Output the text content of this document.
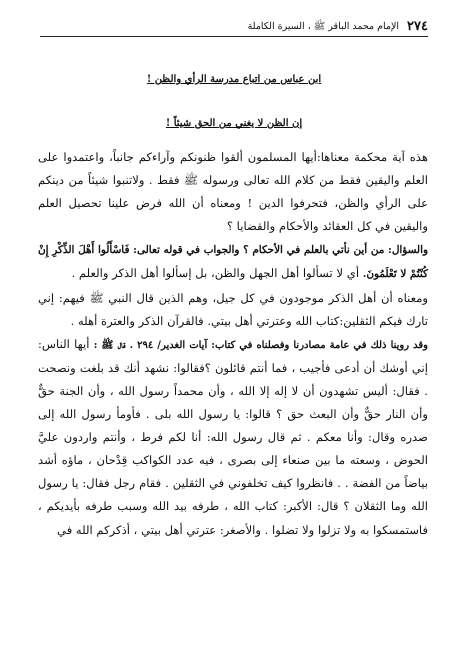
٢٧٤
الإمام محمد الباقر ﷺ ، السيرة الكاملة
ابن عباس من اتباع مدرسة الرأي والظن !
إن الظن لا يغني من الحق شيئاً !

هذه آية محكمة معناها:أيها المسلمون ألقوا ظنونكم وآراءكم جانباً، واعتمدوا على العلم واليقين فقط من كلام الله تعالى ورسوله ﷺ فقط . ولاتنبوا شيئاً من دينكم على الرأي والظن، فتحرفوا الدين ! ومعناه أن الله فرض علينا تحصيل العلم واليقين في كل العقائد والأحكام والقضايا ؟

والسؤال: من أين نأتي بالعلم في الأحكام ؟ والجواب في قوله تعالى: فَاسْأَلُوا أَهْلَ الذِّكْرِ إِنْ كُنْتُمْ لا تَعْلَمُونَ. أي لا تسألوا أهل الجهل والظن، بل إسألوا أهل الذكر والعلم .

ومعناه أن أهل الذكر موجودون في كل جيل، وهم الذين قال النبي ﷺ فيهم: إني تارك فيكم الثقلين:كتاب الله وعترتي أهل بيتي. فالقرآن الذكر والعترة أهله .

وقد روينا ذلك في عامة مصادرنا وفصلناه في كتاب: آيات الغدير/ ٢٩٤ . قال ﷺ : أيها الناس: إني أوشك أن أدعى فأجيب ، فما أنتم قائلون ؟فقالوا: نشهد أنك قد بلغت ونصحت . فقال: أليس تشهدون أن لا إله إلا الله ، وأن محمداً رسول الله ، وأن الجنة حقٌّ وأن النار حقٌّ وأن البعث حق ؟ قالوا: يا رسول الله بلى . فأومأ رسول الله إلى صدره وقال: وأنا معكم . ثم قال رسول الله: أنا لكم فرط ، وأنتم واردون عليَّ الحوض ، وسعته ما بين صنعاء إلى بصرى ، فيه عدد الكواكب قِدْحان ، ماؤه أشد بياضاً من الفضة . . فانظروا كيف تخلفوني في الثقلين . فقام رجل فقال: يا رسول الله وما الثقلان ؟ قال: الأكبر: كتاب الله ، طرفه بيد الله وسبب طرفه بأيديكم ، فاستمسكوا به ولا تزلوا ولا تضلوا . والأصغر: عترتي أهل بيتي ، أذكركم الله في
